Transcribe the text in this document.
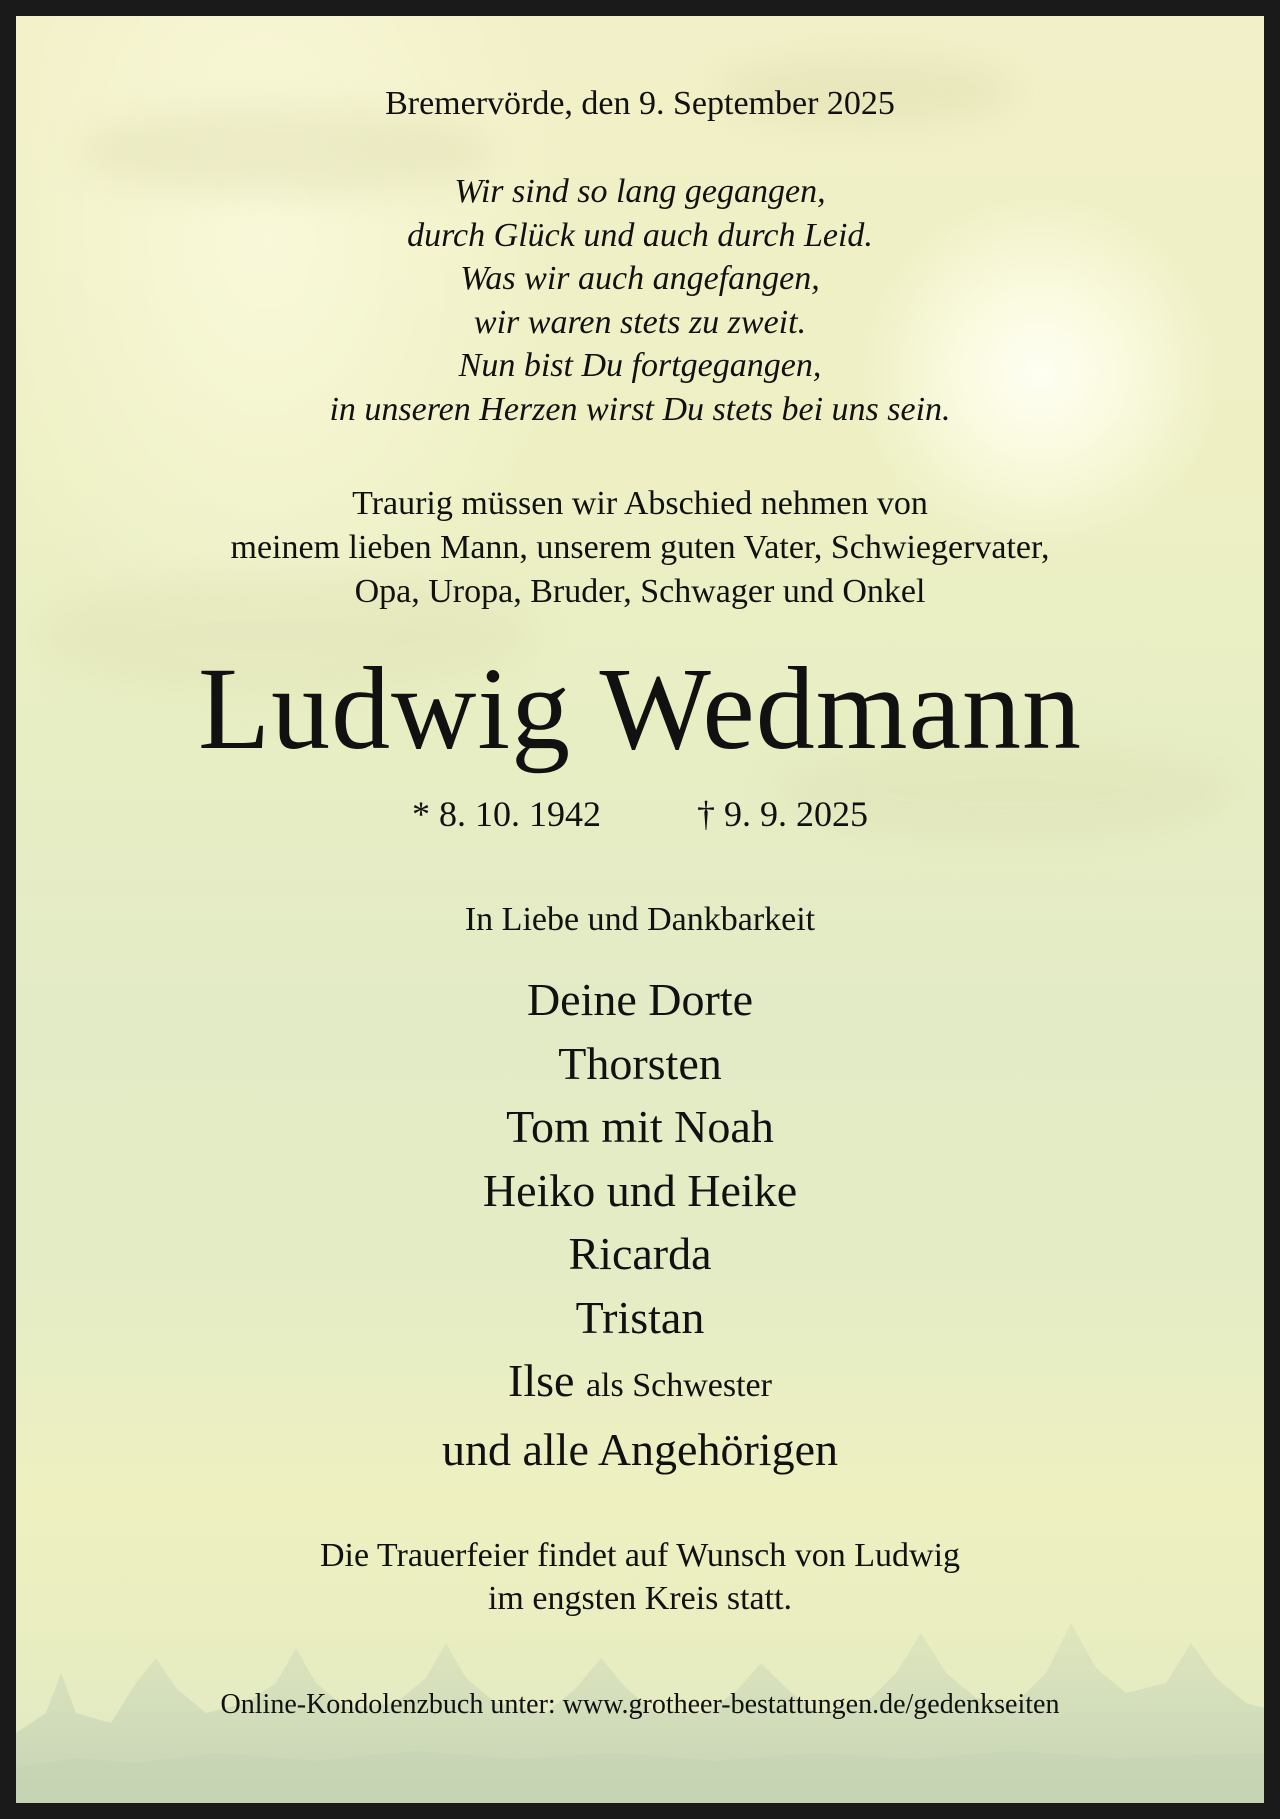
Bremervörde, den 9. September 2025
Wir sind so lang gegangen,
durch Glück und auch durch Leid.
Was wir auch angefangen,
wir waren stets zu zweit.
Nun bist Du fortgegangen,
in unseren Herzen wirst Du stets bei uns sein.
Traurig müssen wir Abschied nehmen von
meinem lieben Mann, unserem guten Vater, Schwiegervater,
Opa, Uropa, Bruder, Schwager und Onkel
Ludwig Wedmann
* 8. 10. 1942	† 9. 9. 2025
In Liebe und Dankbarkeit
Deine Dorte
Thorsten
Tom mit Noah
Heiko und Heike
Ricarda
Tristan
Ilse als Schwester
und alle Angehörigen
Die Trauerfeier findet auf Wunsch von Ludwig
im engsten Kreis statt.
Online-Kondolenzbuch unter: www.grotheer-bestattungen.de/gedenkseiten
